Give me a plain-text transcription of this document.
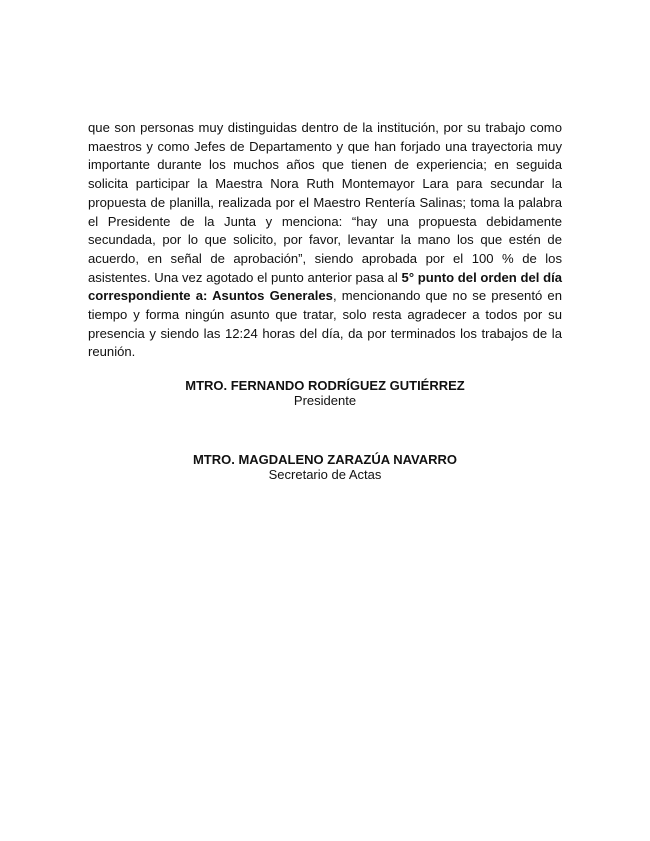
que son personas muy distinguidas dentro de la institución, por su trabajo como maestros y como Jefes de Departamento y que han forjado una trayectoria muy importante durante los muchos años que tienen de experiencia; en seguida solicita participar la Maestra Nora Ruth Montemayor Lara para secundar la propuesta de planilla, realizada por el Maestro Rentería Salinas; toma la palabra el Presidente de la Junta y menciona: “hay una propuesta debidamente secundada, por lo que solicito, por favor, levantar la mano los que estén de acuerdo, en señal de aprobación”, siendo aprobada por el 100 % de los asistentes. Una vez agotado el punto anterior pasa al 5° punto del orden del día correspondiente a: Asuntos Generales, mencionando que no se presentó en tiempo y forma ningún asunto que tratar, solo resta agradecer a todos por su presencia y siendo las 12:24 horas del día, da por terminados los trabajos de la reunión.

MTRO. FERNANDO RODRÍGUEZ GUTIÉRREZ
Presidente
MTRO. MAGDALENO ZARAZÚA NAVARRO
Secretario de Actas
